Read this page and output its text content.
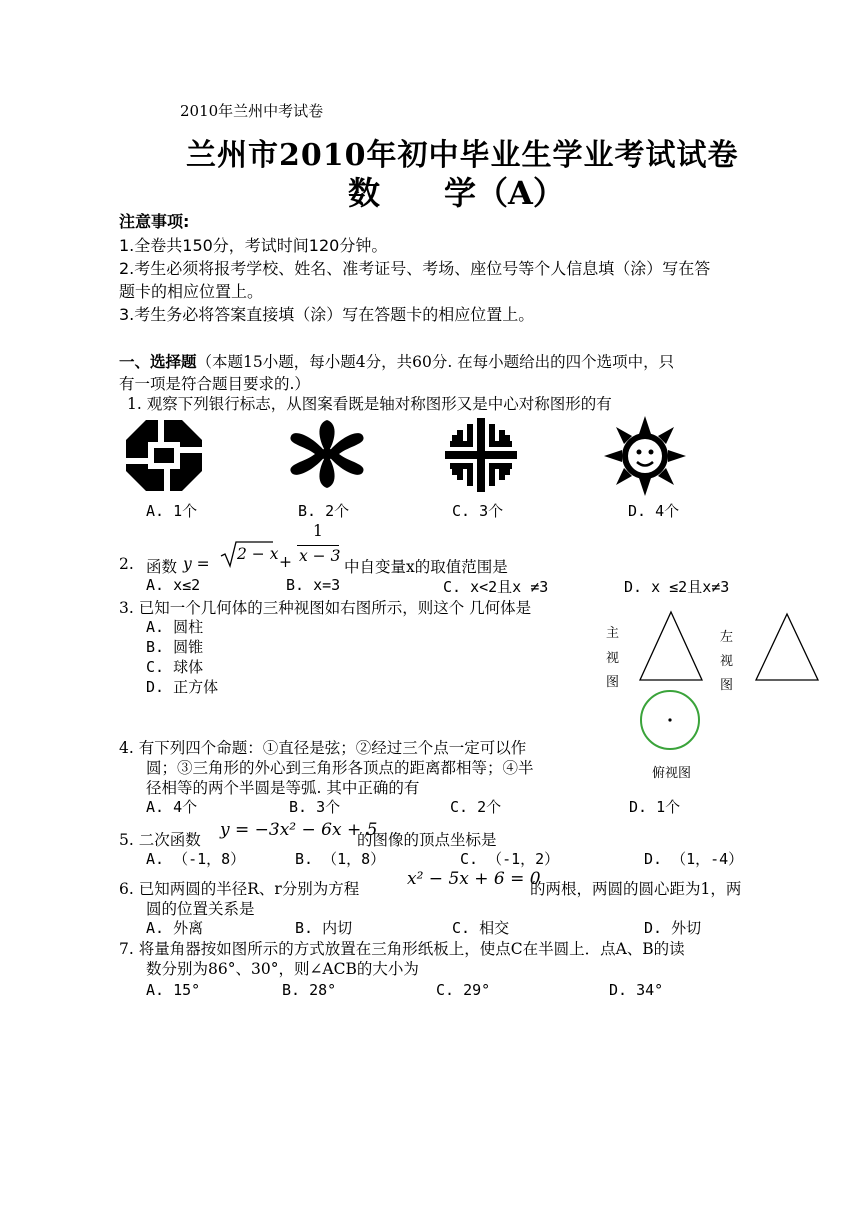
2010年兰州中考试卷
兰州市2010年初中毕业生学业考试试卷
数　　学（A）
注意事项:
1.全卷共150分，考试时间120分钟。
2.考生必须将报考学校、姓名、准考证号、考场、座位号等个人信息填（涂）写在答
题卡的相应位置上。
3.考生务必将答案直接填（涂）写在答题卡的相应位置上。
一、选择题（本题15小题，每小题4分，共60分. 在每小题给出的四个选项中，只
有一项是符合题目要求的.）
1. 观察下列银行标志，从图案看既是轴对称图形又是中心对称图形的有
A. 1个	B. 2个	C. 3个	D. 4个
2. 函数 y =
2 − x +
1
x − 3
中自变量x的取值范围是
A. x≤2	B. x=3	C. x<2且x ≠3	D. x ≤2且x≠3
3. 已知一个几何体的三种视图如右图所示，则这个 几何体是
A. 圆柱
B. 圆锥
C. 球体
D. 正方体
主
视
图
左
视
图
俯视图
4. 有下列四个命题：①直径是弦；②经过三个点一定可以作
圆；③三角形的外心到三角形各顶点的距离都相等；④半
径相等的两个半圆是等弧. 其中正确的有
A. 4个	B. 3个	C. 2个	D. 1个
5. 二次函数 y = −3x² − 6x + 5
的图像的顶点坐标是
A. （-1，8）	B. （1，8）	C. （-1，2）	D. （1，-4）
6. 已知两圆的半径R、r分别为方程	x² − 5x + 6 = 0
的两根，两圆的圆心距为1，两
圆的位置关系是
A. 外离	B. 内切	C. 相交	D. 外切
7. 将量角器按如图所示的方式放置在三角形纸板上，使点C在半圆上．点A、B的读
数分别为86°、30°，则∠ACB的大小为
A. 15°	B. 28°	C. 29°	D. 34°
